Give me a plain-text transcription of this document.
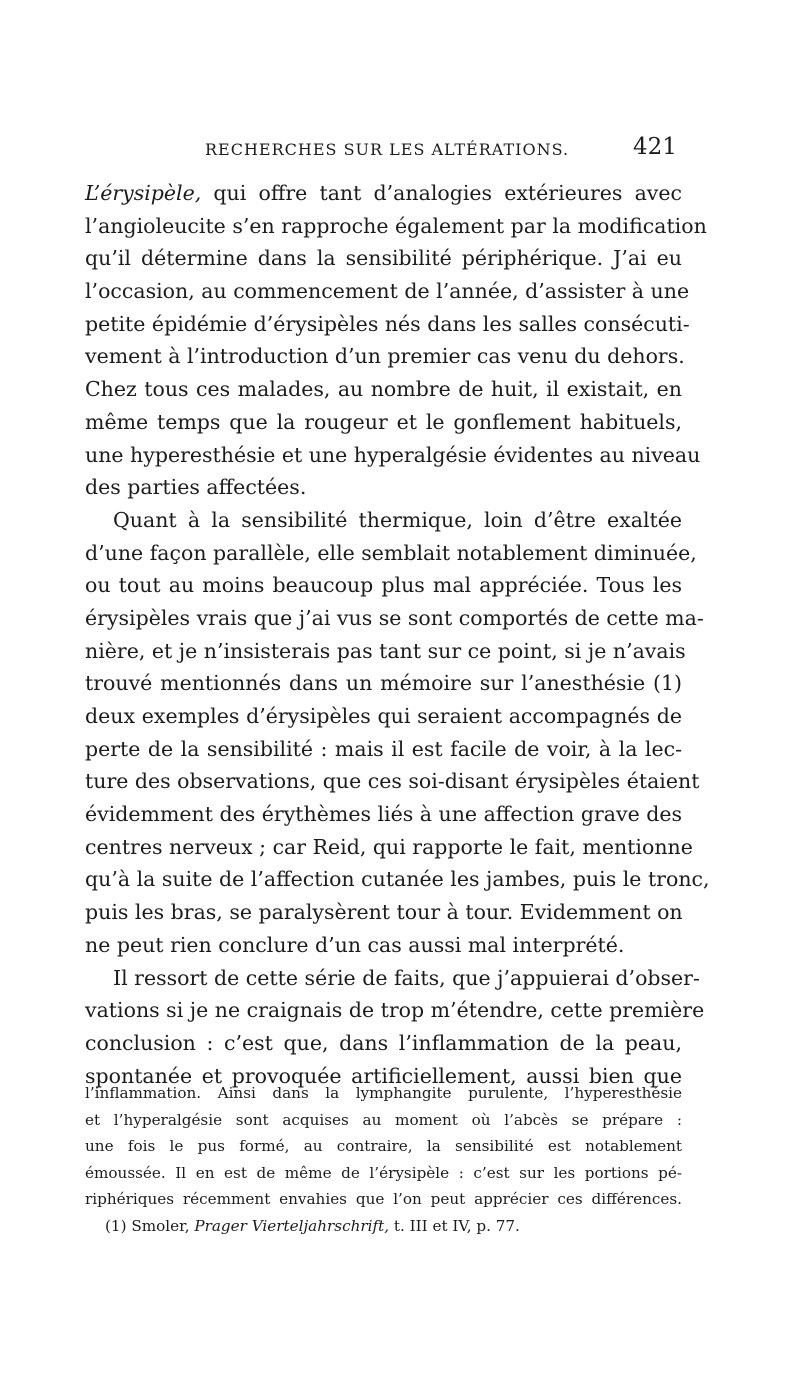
RECHERCHES SUR LES ALTÉRATIONS.	421
L’érysipèle, qui offre tant d’analogies extérieures avec
l’angioleucite s’en rapproche également par la modification
qu’il détermine dans la sensibilité périphérique. J’ai eu
l’occasion, au commencement de l’année, d’assister à une
petite épidémie d’érysipèles nés dans les salles consécuti-
vement à l’introduction d’un premier cas venu du dehors.
Chez tous ces malades, au nombre de huit, il existait, en
même temps que la rougeur et le gonflement habituels,
une hyperesthésie et une hyperalgésie évidentes au niveau
des parties affectées.
Quant à la sensibilité thermique, loin d’être exaltée
d’une façon parallèle, elle semblait notablement diminuée,
ou tout au moins beaucoup plus mal appréciée. Tous les
érysipèles vrais que j’ai vus se sont comportés de cette ma-
nière, et je n’insisterais pas tant sur ce point, si je n’avais
trouvé mentionnés dans un mémoire sur l’anesthésie (1)
deux exemples d’érysipèles qui seraient accompagnés de
perte de la sensibilité : mais il est facile de voir, à la lec-
ture des observations, que ces soi-disant érysipèles étaient
évidemment des érythèmes liés à une affection grave des
centres nerveux ; car Reid, qui rapporte le fait, mentionne
qu’à la suite de l’affection cutanée les jambes, puis le tronc,
puis les bras, se paralysèrent tour à tour. Evidemment on
ne peut rien conclure d’un cas aussi mal interprété.
Il ressort de cette série de faits, que j’appuierai d’obser-
vations si je ne craignais de trop m’étendre, cette première
conclusion : c’est que, dans l’inflammation de la peau,
spontanée et provoquée artificiellement, aussi bien que
l’inflammation. Ainsi dans la lymphangite purulente, l’hyperesthésie
et l’hyperalgésie sont acquises au moment où l’abcès se prépare :
une fois le pus formé, au contraire, la sensibilité est notablement
émoussée. Il en est de même de l’érysipèle : c’est sur les portions pé-
riphériques récemment envahies que l’on peut apprécier ces différences.
(1) Smoler, Prager Vierteljahrschrift, t. III et IV, p. 77.
